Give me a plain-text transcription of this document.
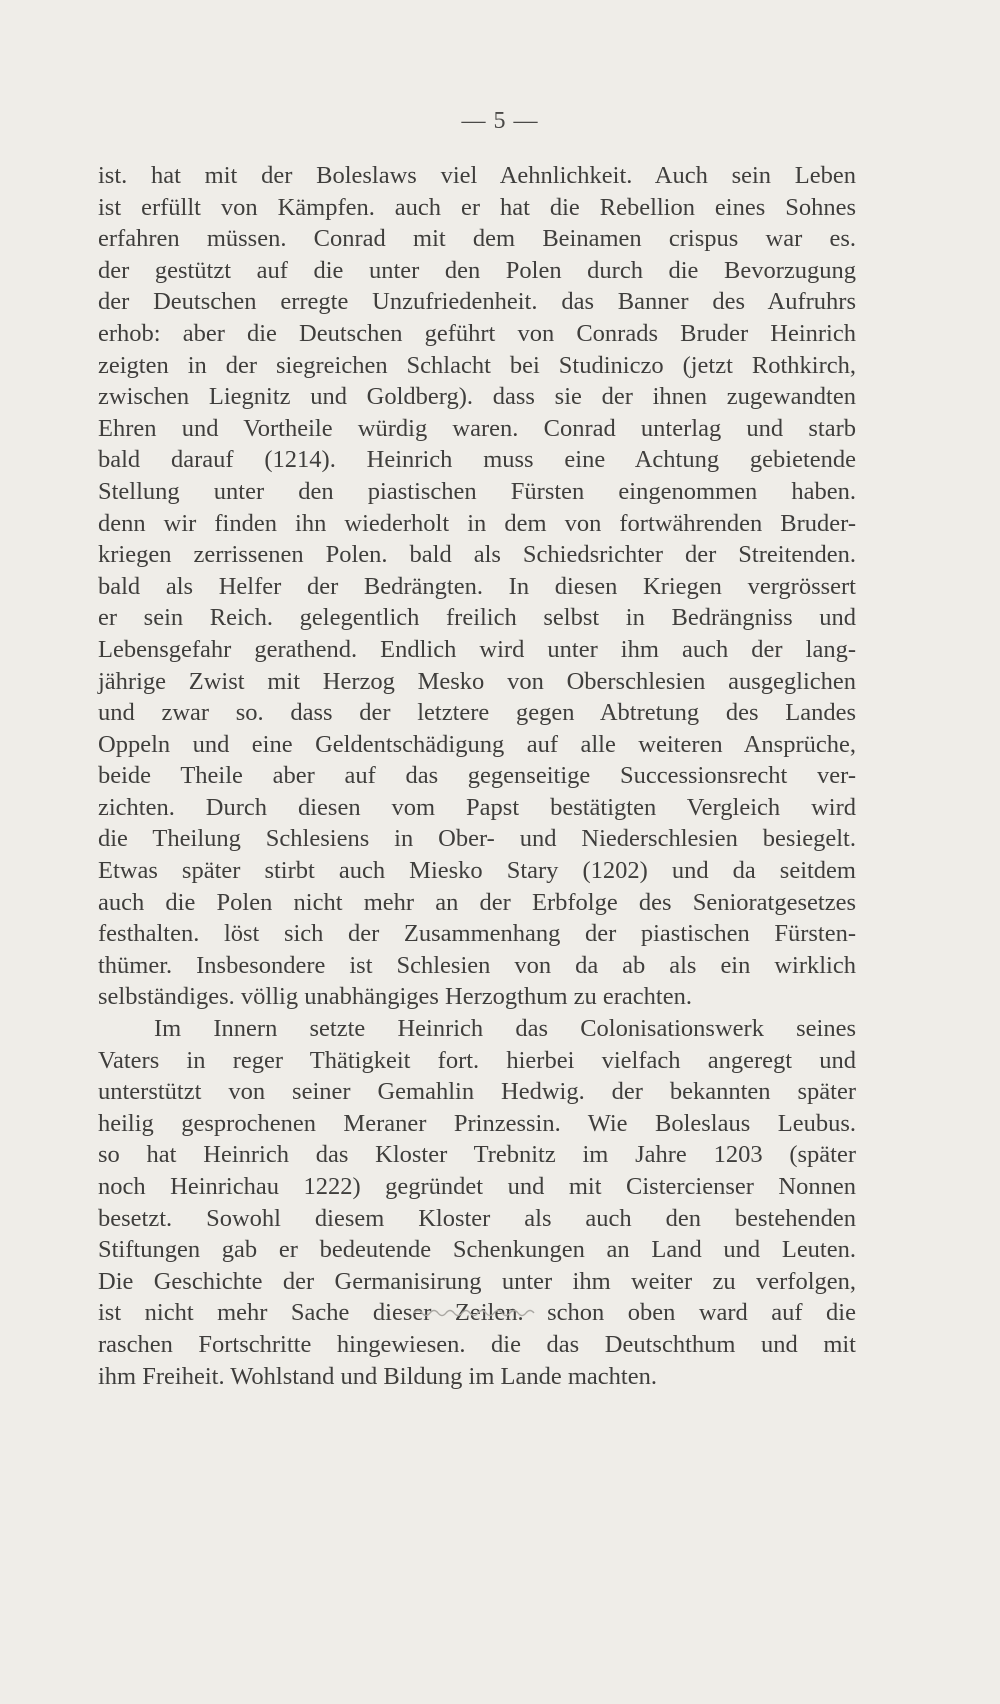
— 5 —
ist. hat mit der Boleslaws viel Aehnlichkeit. Auch sein Leben
ist erfüllt von Kämpfen. auch er hat die Rebellion eines Sohnes
erfahren müssen. Conrad mit dem Beinamen crispus war es.
der gestützt auf die unter den Polen durch die Bevorzugung
der Deutschen erregte Unzufriedenheit. das Banner des Aufruhrs
erhob: aber die Deutschen geführt von Conrads Bruder Heinrich
zeigten in der siegreichen Schlacht bei Studiniczo (jetzt Rothkirch,
zwischen Liegnitz und Goldberg). dass sie der ihnen zugewandten
Ehren und Vortheile würdig waren. Conrad unterlag und starb
bald darauf (1214). Heinrich muss eine Achtung gebietende
Stellung unter den piastischen Fürsten eingenommen haben.
denn wir finden ihn wiederholt in dem von fortwährenden Bruder-
kriegen zerrissenen Polen. bald als Schiedsrichter der Streitenden.
bald als Helfer der Bedrängten. In diesen Kriegen vergrössert
er sein Reich. gelegentlich freilich selbst in Bedrängniss und
Lebensgefahr gerathend. Endlich wird unter ihm auch der lang-
jährige Zwist mit Herzog Mesko von Oberschlesien ausgeglichen
und zwar so. dass der letztere gegen Abtretung des Landes
Oppeln und eine Geldentschädigung auf alle weiteren Ansprüche,
beide Theile aber auf das gegenseitige Successionsrecht ver-
zichten. Durch diesen vom Papst bestätigten Vergleich wird
die Theilung Schlesiens in Ober- und Niederschlesien besiegelt.
Etwas später stirbt auch Miesko Stary (1202) und da seitdem
auch die Polen nicht mehr an der Erbfolge des Senioratgesetzes
festhalten. löst sich der Zusammenhang der piastischen Fürsten-
thümer. Insbesondere ist Schlesien von da ab als ein wirklich
selbständiges. völlig unabhängiges Herzogthum zu erachten.
Im Innern setzte Heinrich das Colonisationswerk seines
Vaters in reger Thätigkeit fort. hierbei vielfach angeregt und
unterstützt von seiner Gemahlin Hedwig. der bekannten später
heilig gesprochenen Meraner Prinzessin. Wie Boleslaus Leubus.
so hat Heinrich das Kloster Trebnitz im Jahre 1203 (später
noch Heinrichau 1222) gegründet und mit Cistercienser Nonnen
besetzt. Sowohl diesem Kloster als auch den bestehenden
Stiftungen gab er bedeutende Schenkungen an Land und Leuten.
Die Geschichte der Germanisirung unter ihm weiter zu verfolgen,
ist nicht mehr Sache dieser Zeilen. schon oben ward auf die
raschen Fortschritte hingewiesen. die das Deutschthum und mit
ihm Freiheit. Wohlstand und Bildung im Lande machten.
